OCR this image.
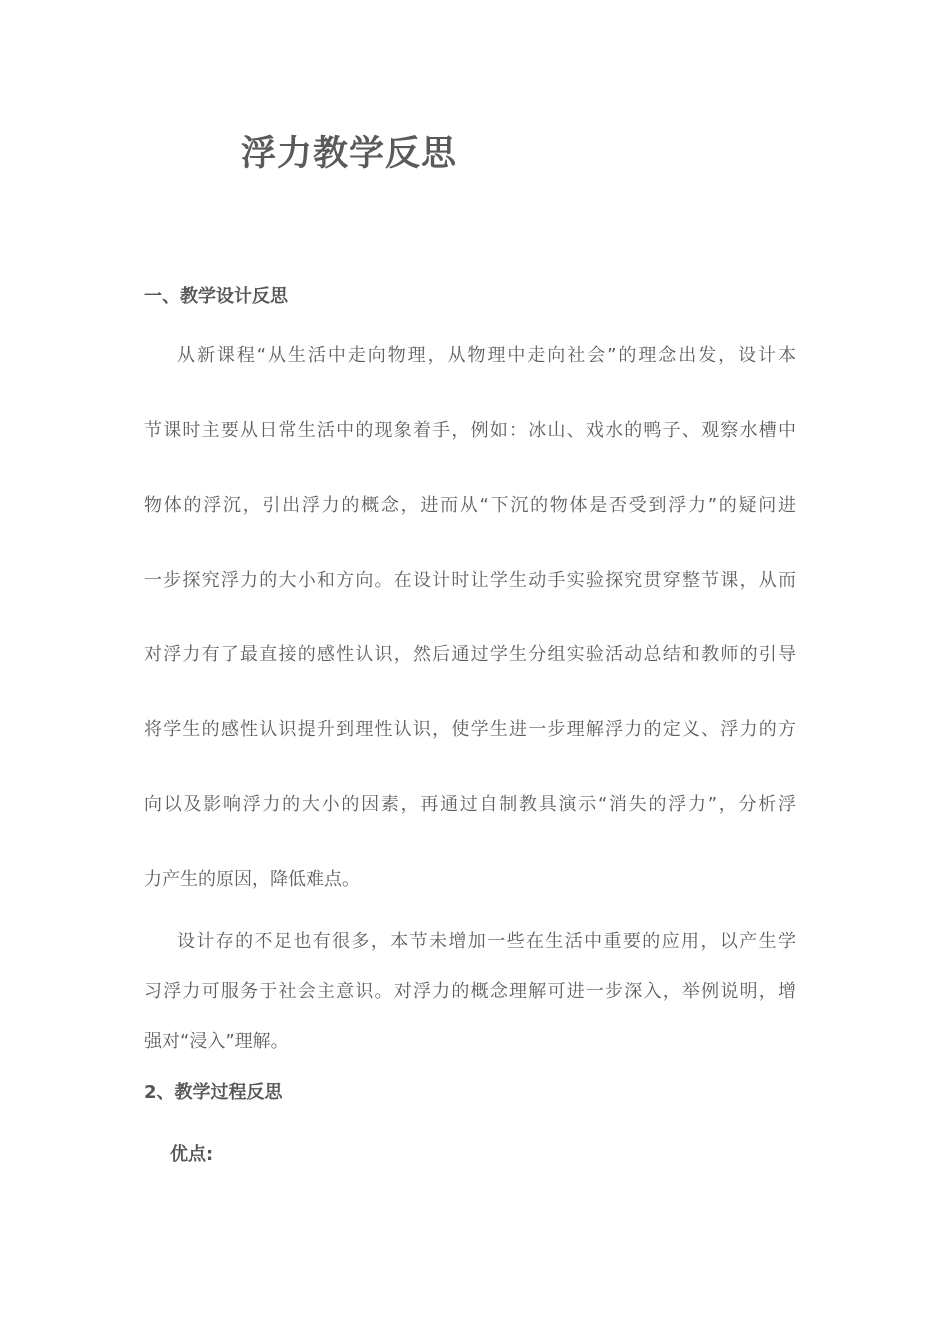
浮力教学反思
一、教学设计反思

从新课程“从生活中走向物理，从物理中走向社会”的理念出发，设计本

节课时主要从日常生活中的现象着手，例如：冰山、戏水的鸭子、观察水槽中

物体的浮沉，引出浮力的概念，进而从“下沉的物体是否受到浮力”的疑问进

一步探究浮力的大小和方向。在设计时让学生动手实验探究贯穿整节课，从而

对浮力有了最直接的感性认识，然后通过学生分组实验活动总结和教师的引导

将学生的感性认识提升到理性认识，使学生进一步理解浮力的定义、浮力的方

向以及影响浮力的大小的因素，再通过自制教具演示“消失的浮力”，分析浮

力产生的原因，降低难点。

设计存的不足也有很多，本节未增加一些在生活中重要的应用，以产生学

习浮力可服务于社会主意识。对浮力的概念理解可进一步深入，举例说明，增

强对“浸入”理解。

2、教学过程反思
优点:
